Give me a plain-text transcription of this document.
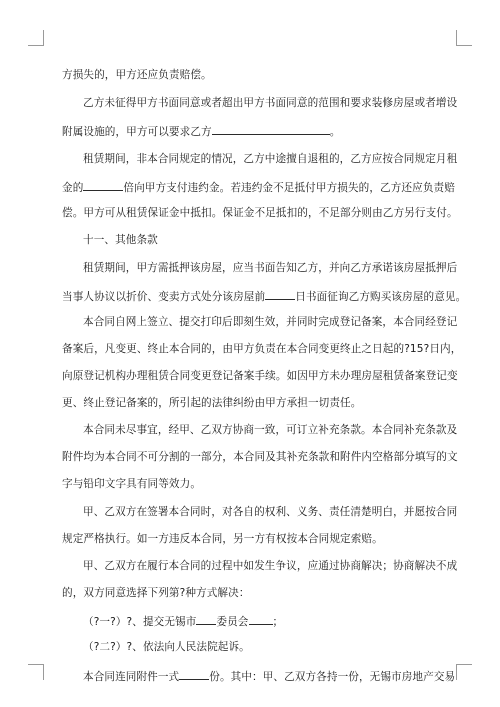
方损失的，甲方还应负责赔偿。
乙方未征得甲方书面同意或者超出甲方书面同意的范围和要求装修房屋或者增设
附属设施的，甲方可以要求乙方	。
租赁期间，非本合同规定的情况，乙方中途擅自退租的，乙方应按合同规定月租
金的	倍向甲方支付违约金。若违约金不足抵付甲方损失的，乙方还应负责赔
偿。甲方可从租赁保证金中抵扣。保证金不足抵扣的，不足部分则由乙方另行支付。
十一、其他条款
租赁期间，甲方需抵押该房屋，应当书面告知乙方，并向乙方承诺该房屋抵押后
当事人协议以折价、变卖方式处分该房屋前	日书面征询乙方购买该房屋的意见。
本合同自网上签立、提交打印后即刻生效，并同时完成登记备案，本合同经登记
备案后，凡变更、终止本合同的，由甲方负责在本合同变更终止之日起的?15?日内，
向原登记机构办理租赁合同变更登记备案手续。如因甲方未办理房屋租赁备案登记变
更、终止登记备案的，所引起的法律纠纷由甲方承担一切责任。
本合同未尽事宜，经甲、乙双方协商一致，可订立补充条款。本合同补充条款及
附件均为本合同不可分割的一部分，本合同及其补充条款和附件内空格部分填写的文
字与铅印文字具有同等效力。
甲、乙双方在签署本合同时，对各自的权利、义务、责任清楚明白，并愿按合同
规定严格执行。如一方违反本合同，另一方有权按本合同规定索赔。
甲、乙双方在履行本合同的过程中如发生争议，应通过协商解决；协商解决不成
的，双方同意选择下列第?种方式解决：
（?一?）?、提交无锡市 委员会 ；
（?二?）?、依法向人民法院起诉。
本合同连同附件一式	份。其中：甲、乙双方各持一份，无锡市房地产交易
